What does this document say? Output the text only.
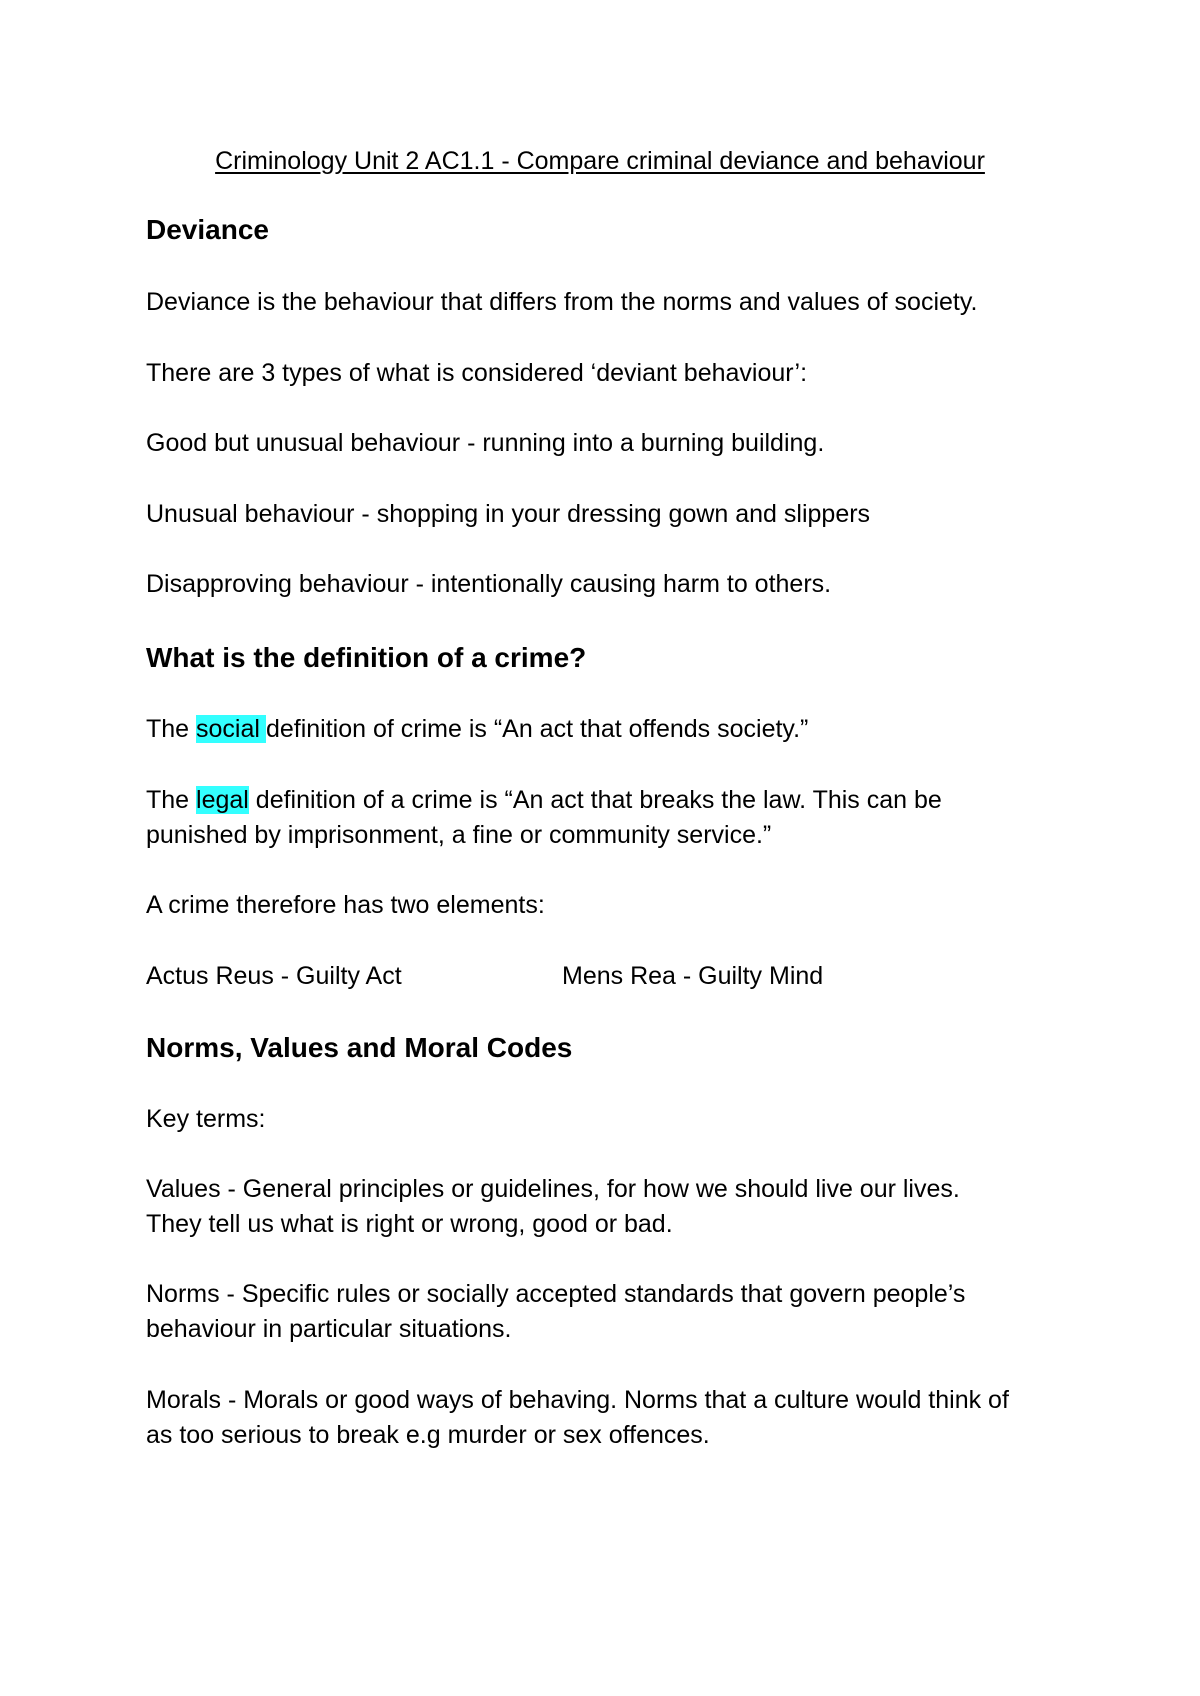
Criminology Unit 2 AC1.1 - Compare criminal deviance and behaviour
Deviance
Deviance is the behaviour that differs from the norms and values of society.
There are 3 types of what is considered ‘deviant behaviour’:
Good but unusual behaviour - running into a burning building.
Unusual behaviour - shopping in your dressing gown and slippers
Disapproving behaviour - intentionally causing harm to others.
What is the definition of a crime?
The social definition of crime is “An act that offends society.”
The legal definition of a crime is “An act that breaks the law. This can be
punished by imprisonment, a fine or community service.”
A crime therefore has two elements:
Actus Reus - Guilty Act	Mens Rea - Guilty Mind
Norms, Values and Moral Codes
Key terms:
Values - General principles or guidelines, for how we should live our lives.
They tell us what is right or wrong, good or bad.
Norms - Specific rules or socially accepted standards that govern people’s
behaviour in particular situations.
Morals - Morals or good ways of behaving. Norms that a culture would think of
as too serious to break e.g murder or sex offences.
